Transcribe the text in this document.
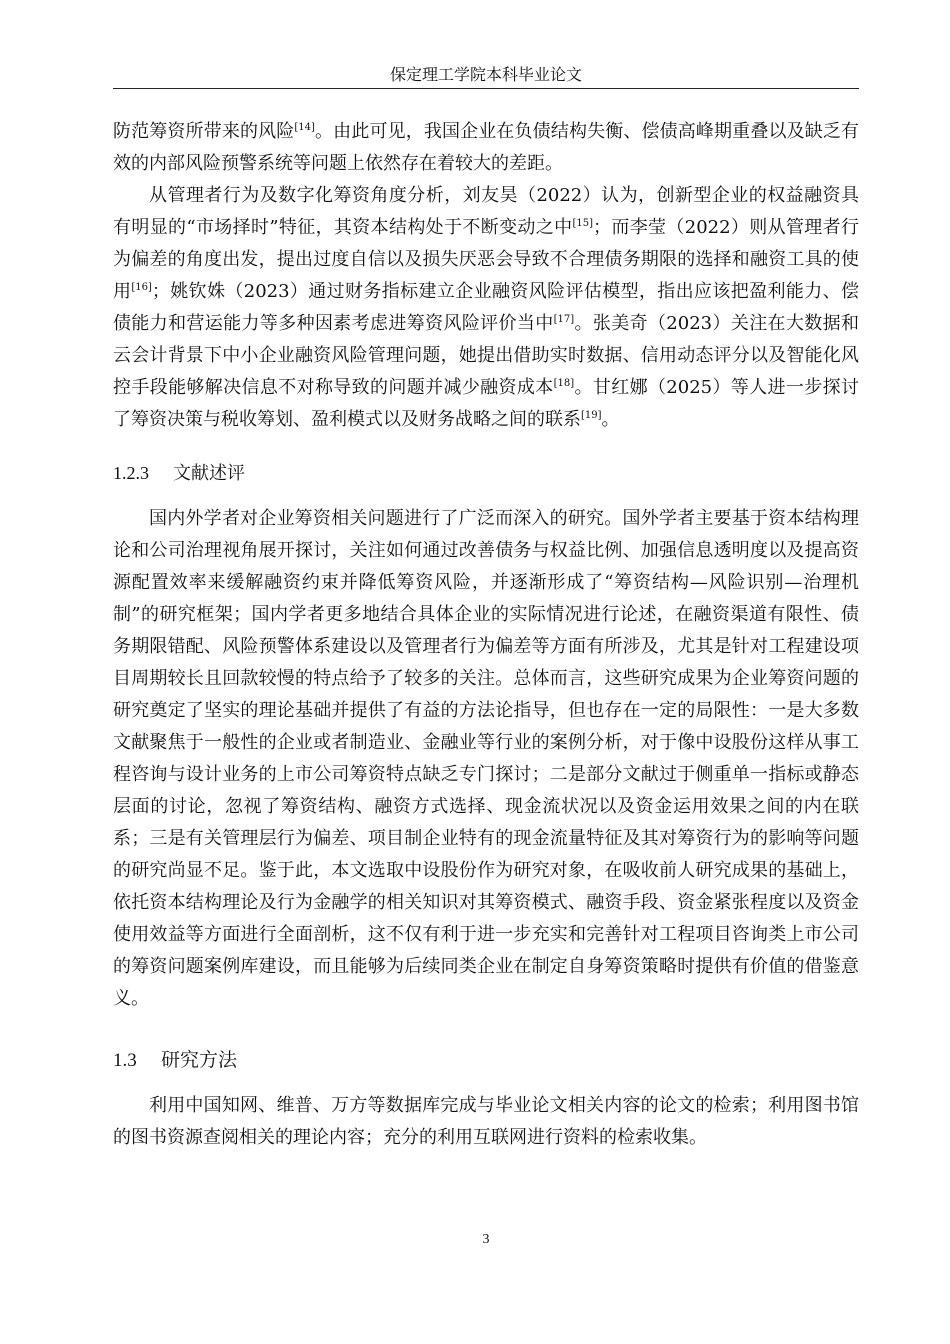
保定理工学院本科毕业论文

防范筹资所带来的风险[14]。由此可见，我国企业在负债结构失衡、偿债高峰期重叠以及缺乏有效的内部风险预警系统等问题上依然存在着较大的差距。

从管理者行为及数字化筹资角度分析，刘友昊（2022）认为，创新型企业的权益融资具有明显的“市场择时”特征，其资本结构处于不断变动之中[15]；而李莹（2022）则从管理者行为偏差的角度出发，提出过度自信以及损失厌恶会导致不合理债务期限的选择和融资工具的使用[16]；姚钦姝（2023）通过财务指标建立企业融资风险评估模型，指出应该把盈利能力、偿债能力和营运能力等多种因素考虑进筹资风险评价当中[17]。张美奇（2023）关注在大数据和云会计背景下中小企业融资风险管理问题，她提出借助实时数据、信用动态评分以及智能化风控手段能够解决信息不对称导致的问题并减少融资成本[18]。甘红娜（2025）等人进一步探讨了筹资决策与税收筹划、盈利模式以及财务战略之间的联系[19]。

1.2.3 文献述评

国内外学者对企业筹资相关问题进行了广泛而深入的研究。国外学者主要基于资本结构理论和公司治理视角展开探讨，关注如何通过改善债务与权益比例、加强信息透明度以及提高资源配置效率来缓解融资约束并降低筹资风险，并逐渐形成了“筹资结构—风险识别—治理机制”的研究框架；国内学者更多地结合具体企业的实际情况进行论述，在融资渠道有限性、债务期限错配、风险预警体系建设以及管理者行为偏差等方面有所涉及，尤其是针对工程建设项目周期较长且回款较慢的特点给予了较多的关注。总体而言，这些研究成果为企业筹资问题的研究奠定了坚实的理论基础并提供了有益的方法论指导，但也存在一定的局限性：一是大多数文献聚焦于一般性的企业或者制造业、金融业等行业的案例分析，对于像中设股份这样从事工程咨询与设计业务的上市公司筹资特点缺乏专门探讨；二是部分文献过于侧重单一指标或静态层面的讨论，忽视了筹资结构、融资方式选择、现金流状况以及资金运用效果之间的内在联系；三是有关管理层行为偏差、项目制企业特有的现金流量特征及其对筹资行为的影响等问题的研究尚显不足。鉴于此，本文选取中设股份作为研究对象，在吸收前人研究成果的基础上，依托资本结构理论及行为金融学的相关知识对其筹资模式、融资手段、资金紧张程度以及资金使用效益等方面进行全面剖析，这不仅有利于进一步充实和完善针对工程项目咨询类上市公司的筹资问题案例库建设，而且能够为后续同类企业在制定自身筹资策略时提供有价值的借鉴意义。

1.3 研究方法

利用中国知网、维普、万方等数据库完成与毕业论文相关内容的论文的检索；利用图书馆的图书资源查阅相关的理论内容；充分的利用互联网进行资料的检索收集。

3
